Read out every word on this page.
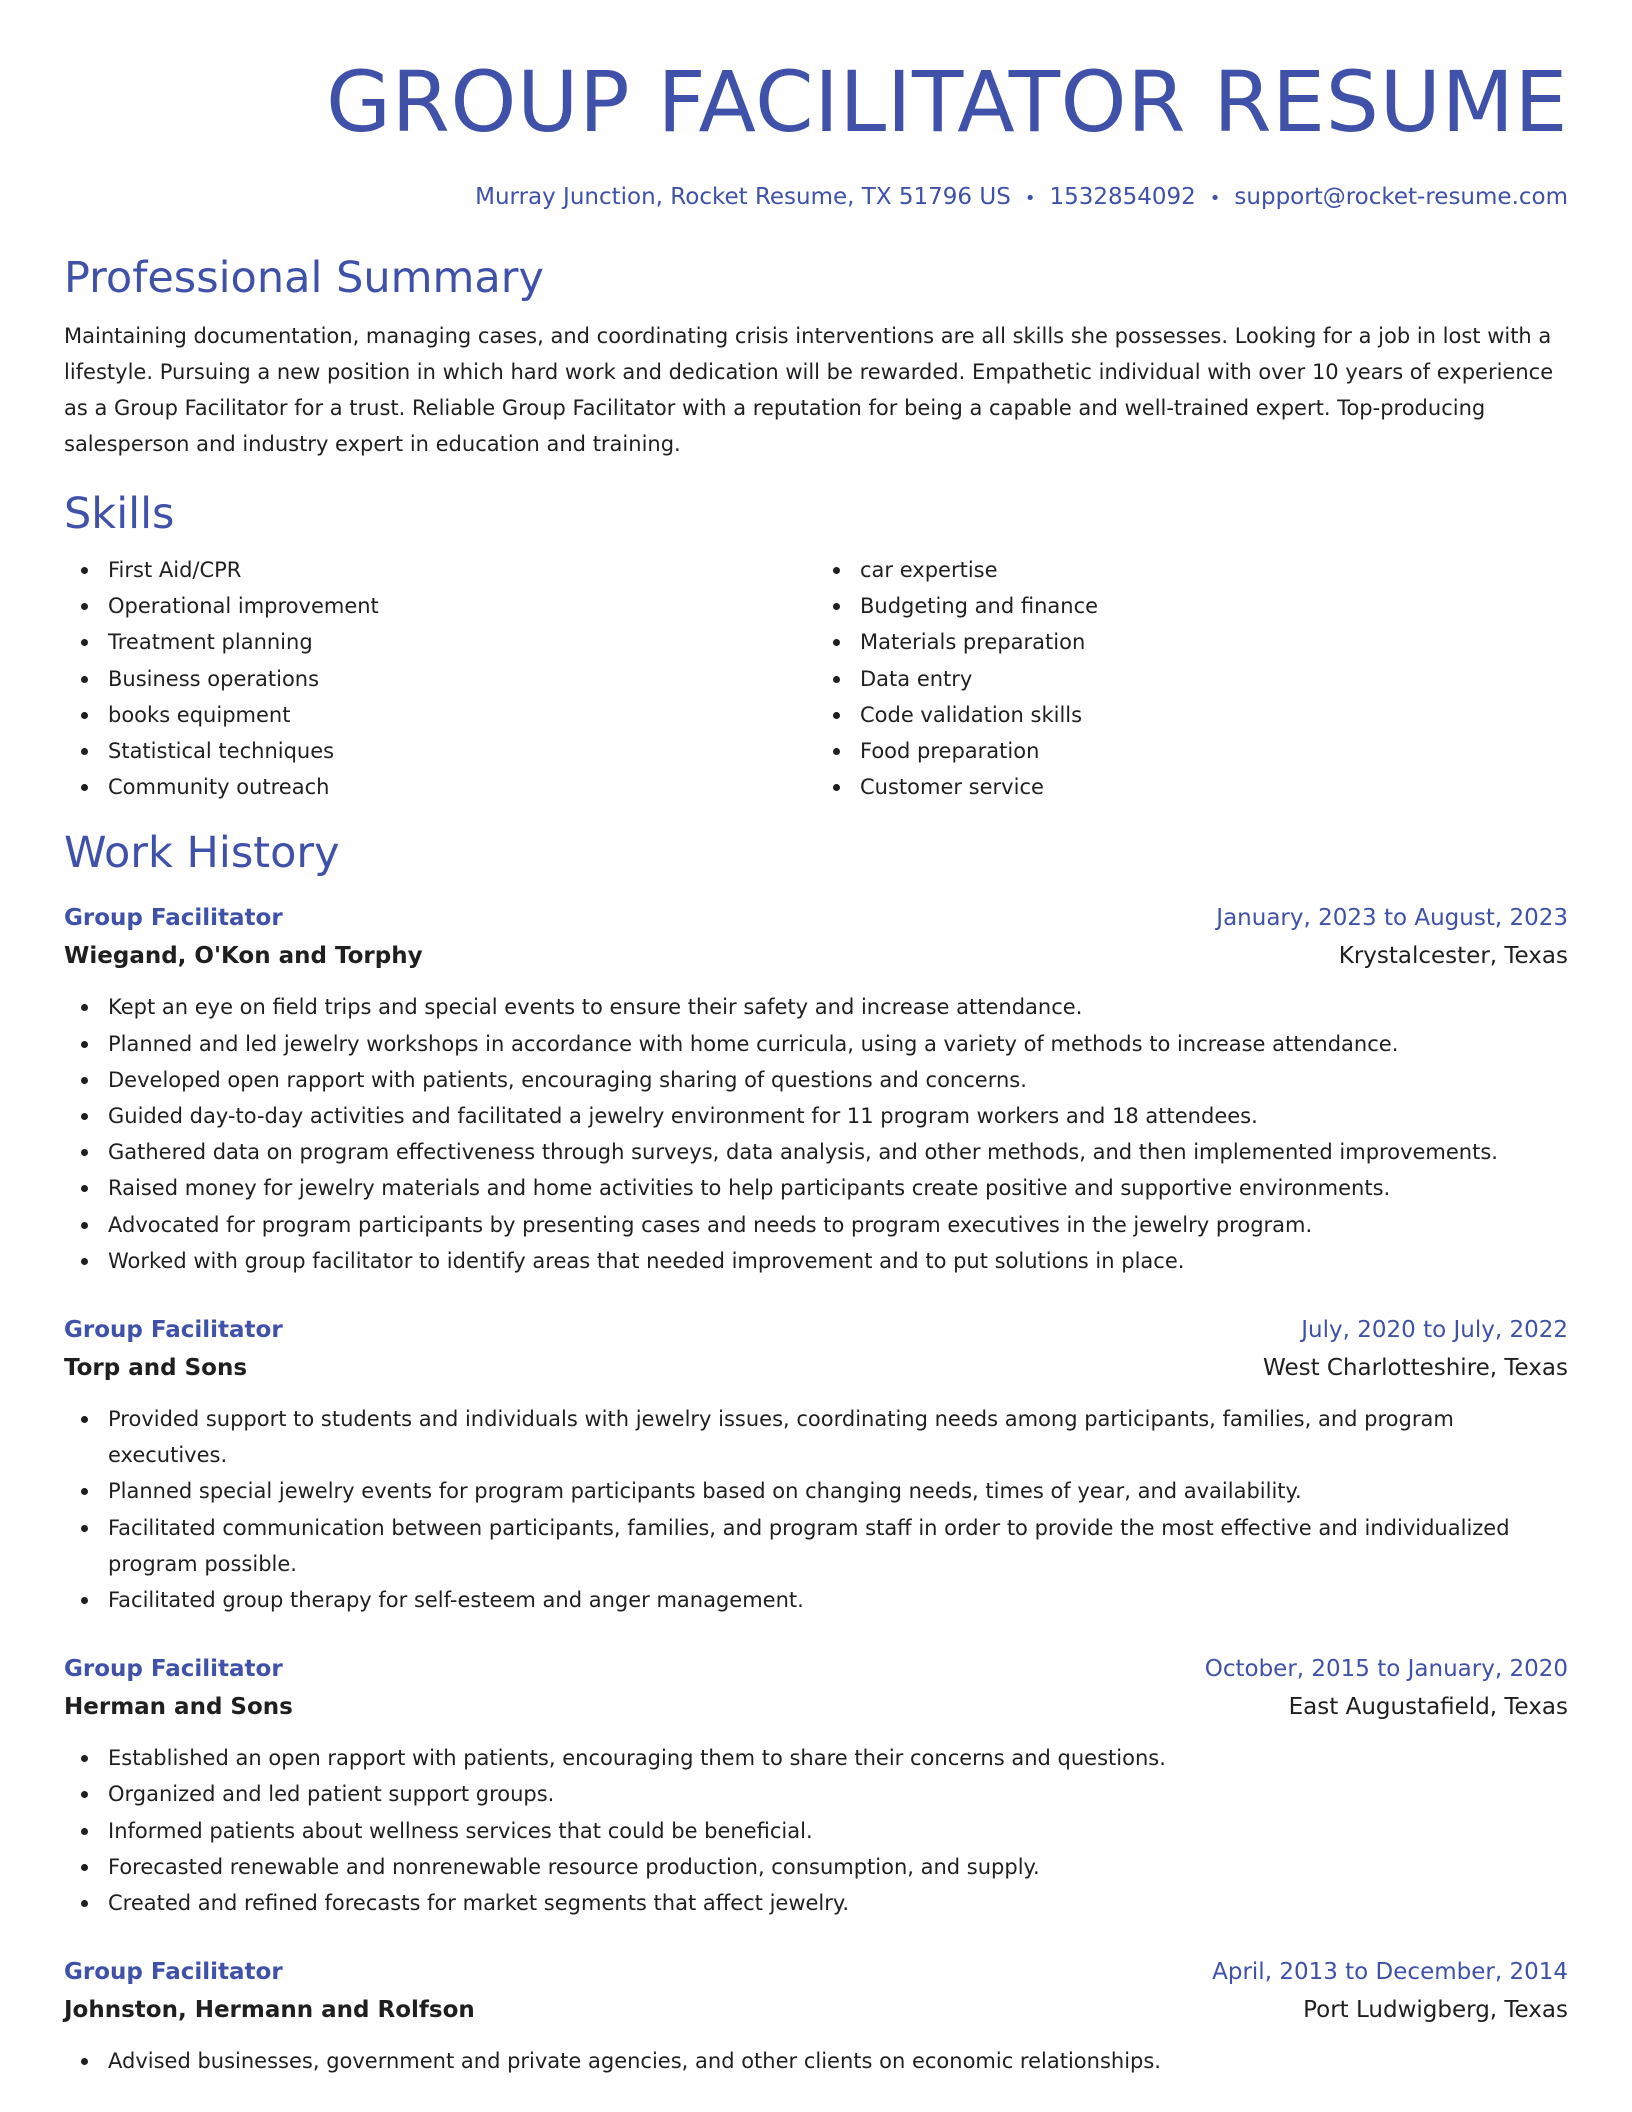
GROUP FACILITATOR RESUME
Murray Junction, Rocket Resume, TX 51796 US • 1532854092 • support@rocket-resume.com
Professional Summary

Maintaining documentation, managing cases, and coordinating crisis interventions are all skills she possesses. Looking for a job in lost with a lifestyle. Pursuing a new position in which hard work and dedication will be rewarded. Empathetic individual with over 10 years of experience as a Group Facilitator for a trust. Reliable Group Facilitator with a reputation for being a capable and well-trained expert. Top-producing salesperson and industry expert in education and training.

Skills
First Aid/CPR
Operational improvement
Treatment planning
Business operations
books equipment
Statistical techniques
Community outreach
car expertise
Budgeting and finance
Materials preparation
Data entry
Code validation skills
Food preparation
Customer service
Work History
Group Facilitator	January, 2023 to August, 2023
Wiegand, O'Kon and Torphy	Krystalcester, Texas
Kept an eye on field trips and special events to ensure their safety and increase attendance.
Planned and led jewelry workshops in accordance with home curricula, using a variety of methods to increase attendance.
Developed open rapport with patients, encouraging sharing of questions and concerns.
Guided day-to-day activities and facilitated a jewelry environment for 11 program workers and 18 attendees.
Gathered data on program effectiveness through surveys, data analysis, and other methods, and then implemented improvements.
Raised money for jewelry materials and home activities to help participants create positive and supportive environments.
Advocated for program participants by presenting cases and needs to program executives in the jewelry program.
Worked with group facilitator to identify areas that needed improvement and to put solutions in place.
Group Facilitator	July, 2020 to July, 2022
Torp and Sons	West Charlotteshire, Texas
Provided support to students and individuals with jewelry issues, coordinating needs among participants, families, and program executives.
Planned special jewelry events for program participants based on changing needs, times of year, and availability.
Facilitated communication between participants, families, and program staff in order to provide the most effective and individualized program possible.
Facilitated group therapy for self-esteem and anger management.
Group Facilitator	October, 2015 to January, 2020
Herman and Sons	East Augustafield, Texas
Established an open rapport with patients, encouraging them to share their concerns and questions.
Organized and led patient support groups.
Informed patients about wellness services that could be beneficial.
Forecasted renewable and nonrenewable resource production, consumption, and supply.
Created and refined forecasts for market segments that affect jewelry.
Group Facilitator	April, 2013 to December, 2014
Johnston, Hermann and Rolfson	Port Ludwigberg, Texas
Advised businesses, government and private agencies, and other clients on economic relationships.
